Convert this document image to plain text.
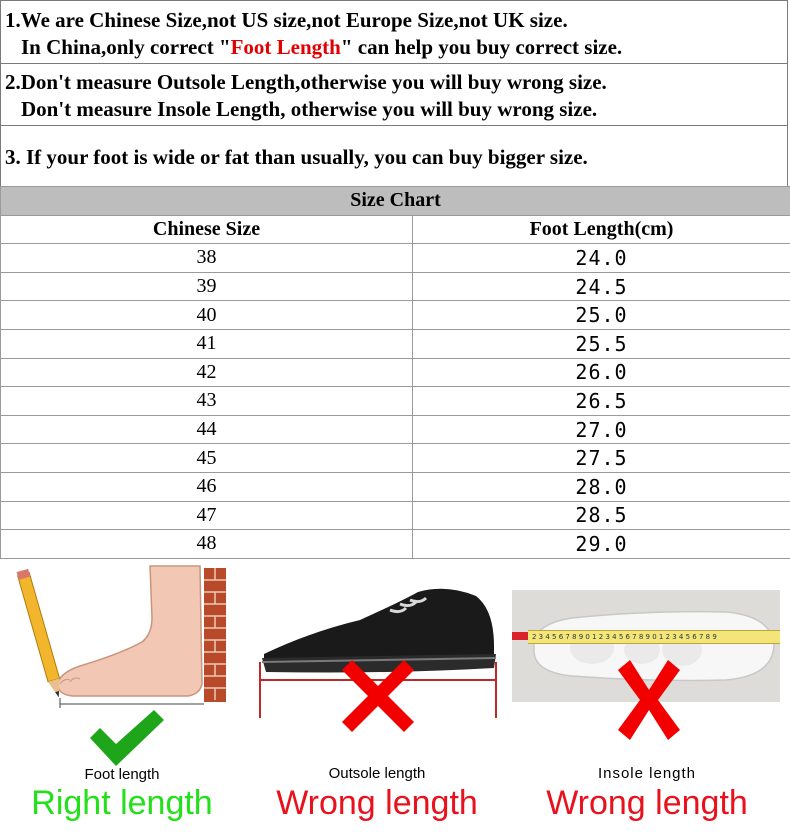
1.We are Chinese Size,not US size,not Europe Size,not UK size.
In China,only correct "Foot Length" can help you buy correct size.
2.Don't measure Outsole Length,otherwise you will buy wrong size.
Don't measure Insole Length, otherwise you will buy wrong size.
3. If your foot is wide or fat than usually, you can buy bigger size.
Size Chart	
Chinese Size	Foot Length(cm)
38	24.0
39	24.5
40	25.0
41	25.5
42	26.0
43	26.5
44	27.0
45	27.5
46	28.0
47	28.5
48	29.0
Foot length
Right length
Outsole length
Wrong length
2 3 4 5 6 7 8 9 0 1 2 3 4 5 6 7 8 9 0 1 2 3 4 5 6 7 8 9
Insole length
Wrong length
